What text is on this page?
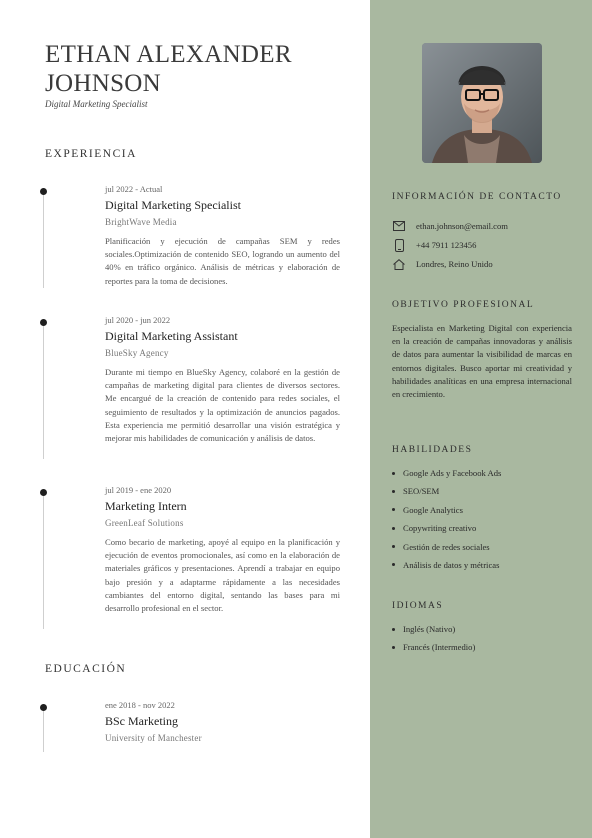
ETHAN ALEXANDER
JOHNSON
Digital Marketing Specialist
EXPERIENCIA
jul 2022 - Actual
Digital Marketing Specialist
BrightWave Media
Planificación y ejecución de campañas SEM y redes sociales.Optimización de contenido SEO, logrando un aumento del 40% en tráfico orgánico. Análisis de métricas y elaboración de reportes para la toma de decisiones.
jul 2020 - jun 2022
Digital Marketing Assistant
BlueSky Agency
Durante mi tiempo en BlueSky Agency, colaboré en la gestión de campañas de marketing digital para clientes de diversos sectores. Me encargué de la creación de contenido para redes sociales, el seguimiento de resultados y la optimización de anuncios pagados. Esta experiencia me permitió desarrollar una visión estratégica y mejorar mis habilidades de comunicación y análisis de datos.
jul 2019 - ene 2020
Marketing Intern
GreenLeaf Solutions
Como becario de marketing, apoyé al equipo en la planificación y ejecución de eventos promocionales, así como en la elaboración de materiales gráficos y presentaciones. Aprendí a trabajar en equipo bajo presión y a adaptarme rápidamente a las necesidades cambiantes del entorno digital, sentando las bases para mi desarrollo profesional en el sector.
EDUCACIÓN
ene 2018 - nov 2022
BSc Marketing
University of Manchester
INFORMACIÓN DE CONTACTO
ethan.johnson@email.com
+44 7911 123456
Londres, Reino Unido
OBJETIVO PROFESIONAL
Especialista en Marketing Digital con experiencia en la creación de campañas innovadoras y análisis de datos para aumentar la visibilidad de marcas en entornos digitales. Busco aportar mi creatividad y habilidades analíticas en una empresa internacional en crecimiento.
HABILIDADES
Google Ads y Facebook Ads
SEO/SEM
Google Analytics
Copywriting creativo
Gestión de redes sociales
Análisis de datos y métricas
IDIOMAS
Inglés (Nativo)
Francés (Intermedio)
